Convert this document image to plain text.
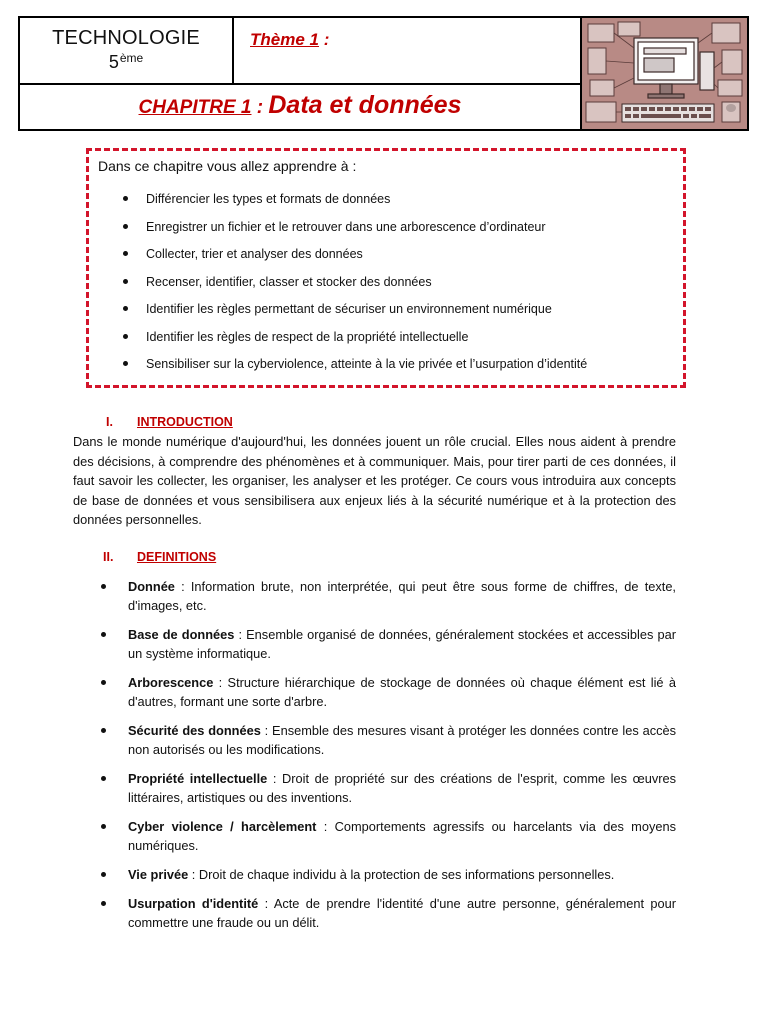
TECHNOLOGIE
5ème
Thème 1 :
CHAPITRE 1 : Data et données
Dans ce chapitre vous allez apprendre à :
Différencier les types et formats de données
Enregistrer un fichier et le retrouver dans une arborescence d’ordinateur
Collecter, trier et analyser des données
Recenser, identifier, classer et stocker des données
Identifier les règles permettant de sécuriser un environnement numérique
Identifier les règles de respect de la propriété intellectuelle
Sensibiliser sur la cyberviolence, atteinte à la vie privée et l’usurpation d’identité
I. INTRODUCTION
Dans le monde numérique d'aujourd'hui, les données jouent un rôle crucial. Elles nous aident à prendre des décisions, à comprendre des phénomènes et à communiquer. Mais, pour tirer parti de ces données, il faut savoir les collecter, les organiser, les analyser et les protéger. Ce cours vous introduira aux concepts de base de données et vous sensibilisera aux enjeux liés à la sécurité numérique et à la protection des données personnelles.
II. DEFINITIONS
Donnée : Information brute, non interprétée, qui peut être sous forme de chiffres, de texte, d'images, etc.
Base de données : Ensemble organisé de données, généralement stockées et accessibles par un système informatique.
Arborescence : Structure hiérarchique de stockage de données où chaque élément est lié à d'autres, formant une sorte d'arbre.
Sécurité des données : Ensemble des mesures visant à protéger les données contre les accès non autorisés ou les modifications.
Propriété intellectuelle : Droit de propriété sur des créations de l'esprit, comme les œuvres littéraires, artistiques ou des inventions.
Cyber violence / harcèlement : Comportements agressifs ou harcelants via des moyens numériques.
Vie privée : Droit de chaque individu à la protection de ses informations personnelles.
Usurpation d'identité : Acte de prendre l'identité d'une autre personne, généralement pour commettre une fraude ou un délit.
